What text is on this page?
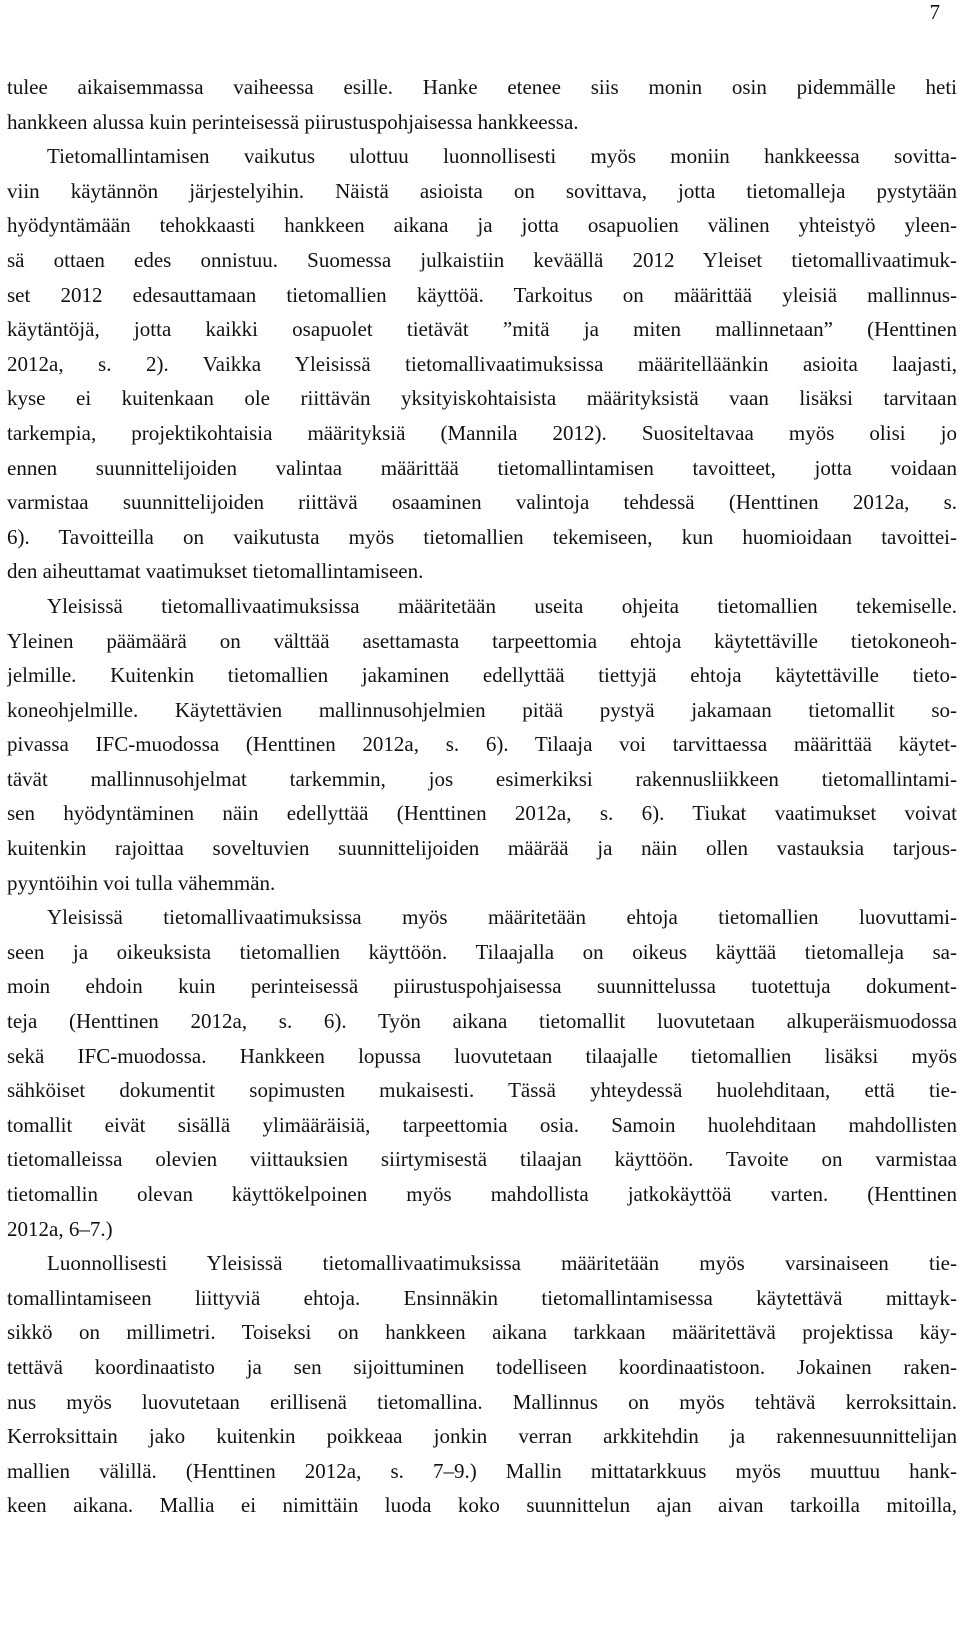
7
tulee aikaisemmassa vaiheessa esille. Hanke etenee siis monin osin pidemmälle heti
hankkeen alussa kuin perinteisessä piirustuspohjaisessa hankkeessa.
Tietomallintamisen vaikutus ulottuu luonnollisesti myös moniin hankkeessa sovitta-
viin käytännön järjestelyihin. Näistä asioista on sovittava, jotta tietomalleja pystytään
hyödyntämään tehokkaasti hankkeen aikana ja jotta osapuolien välinen yhteistyö yleen-
sä ottaen edes onnistuu. Suomessa julkaistiin keväällä 2012 Yleiset tietomallivaatimuk-
set 2012 edesauttamaan tietomallien käyttöä. Tarkoitus on määrittää yleisiä mallinnus-
käytäntöjä, jotta kaikki osapuolet tietävät ”mitä ja miten mallinnetaan” (Henttinen
2012a, s. 2). Vaikka Yleisissä tietomallivaatimuksissa määritelläänkin asioita laajasti,
kyse ei kuitenkaan ole riittävän yksityiskohtaisista määrityksistä vaan lisäksi tarvitaan
tarkempia, projektikohtaisia määrityksiä (Mannila 2012). Suositeltavaa myös olisi jo
ennen suunnittelijoiden valintaa määrittää tietomallintamisen tavoitteet, jotta voidaan
varmistaa suunnittelijoiden riittävä osaaminen valintoja tehdessä (Henttinen 2012a, s.
6). Tavoitteilla on vaikutusta myös tietomallien tekemiseen, kun huomioidaan tavoittei-
den aiheuttamat vaatimukset tietomallintamiseen.
Yleisissä tietomallivaatimuksissa määritetään useita ohjeita tietomallien tekemiselle.
Yleinen päämäärä on välttää asettamasta tarpeettomia ehtoja käytettäville tietokoneoh-
jelmille. Kuitenkin tietomallien jakaminen edellyttää tiettyjä ehtoja käytettäville tieto-
koneohjelmille. Käytettävien mallinnusohjelmien pitää pystyä jakamaan tietomallit so-
pivassa IFC-muodossa (Henttinen 2012a, s. 6). Tilaaja voi tarvittaessa määrittää käytet-
tävät mallinnusohjelmat tarkemmin, jos esimerkiksi rakennusliikkeen tietomallintami-
sen hyödyntäminen näin edellyttää (Henttinen 2012a, s. 6). Tiukat vaatimukset voivat
kuitenkin rajoittaa soveltuvien suunnittelijoiden määrää ja näin ollen vastauksia tarjous-
pyyntöihin voi tulla vähemmän.
Yleisissä tietomallivaatimuksissa myös määritetään ehtoja tietomallien luovuttami-
seen ja oikeuksista tietomallien käyttöön. Tilaajalla on oikeus käyttää tietomalleja sa-
moin ehdoin kuin perinteisessä piirustuspohjaisessa suunnittelussa tuotettuja dokument-
teja (Henttinen 2012a, s. 6). Työn aikana tietomallit luovutetaan alkuperäismuodossa
sekä IFC-muodossa. Hankkeen lopussa luovutetaan tilaajalle tietomallien lisäksi myös
sähköiset dokumentit sopimusten mukaisesti. Tässä yhteydessä huolehditaan, että tie-
tomallit eivät sisällä ylimääräisiä, tarpeettomia osia. Samoin huolehditaan mahdollisten
tietomalleissa olevien viittauksien siirtymisestä tilaajan käyttöön. Tavoite on varmistaa
tietomallin olevan käyttökelpoinen myös mahdollista jatkokäyttöä varten. (Henttinen
2012a, 6–7.)
Luonnollisesti Yleisissä tietomallivaatimuksissa määritetään myös varsinaiseen tie-
tomallintamiseen liittyviä ehtoja. Ensinnäkin tietomallintamisessa käytettävä mittayk-
sikkö on millimetri. Toiseksi on hankkeen aikana tarkkaan määritettävä projektissa käy-
tettävä koordinaatisto ja sen sijoittuminen todelliseen koordinaatistoon. Jokainen raken-
nus myös luovutetaan erillisenä tietomallina. Mallinnus on myös tehtävä kerroksittain.
Kerroksittain jako kuitenkin poikkeaa jonkin verran arkkitehdin ja rakennesuunnittelijan
mallien välillä. (Henttinen 2012a, s. 7–9.) Mallin mittatarkkuus myös muuttuu hank-
keen aikana. Mallia ei nimittäin luoda koko suunnittelun ajan aivan tarkoilla mitoilla,
